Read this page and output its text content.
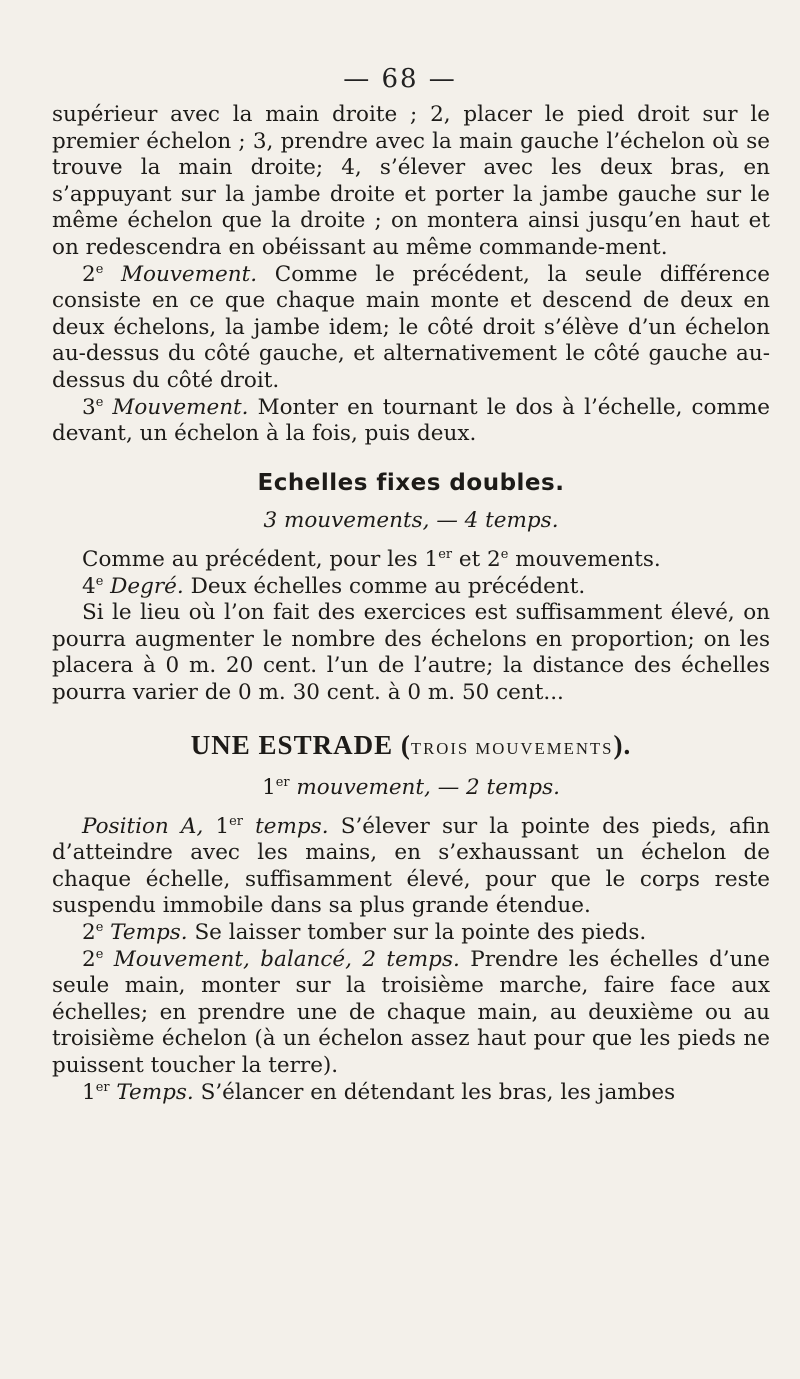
— 68 —

supérieur avec la main droite ; 2, placer le pied droit sur le premier échelon ; 3, prendre avec la main gauche l’échelon où se trouve la main droite; 4, s’élever avec les deux bras, en s’appuyant sur la jambe droite et porter la jambe gauche sur le même échelon que la droite ; on montera ainsi jusqu’en haut et on redescendra en obéissant au même commande-ment.

2e Mouvement. Comme le précédent, la seule différence consiste en ce que chaque main monte et descend de deux en deux échelons, la jambe idem; le côté droit s’élève d’un échelon au-dessus du côté gauche, et alternativement le côté gauche au-dessus du côté droit.

3e Mouvement. Monter en tournant le dos à l’échelle, comme devant, un échelon à la fois, puis deux.

Echelles fixes doubles.
3 mouvements, — 4 temps.

Comme au précédent, pour les 1er et 2e mouvements.

4e Degré. Deux échelles comme au précédent.

Si le lieu où l’on fait des exercices est suffisamment élevé, on pourra augmenter le nombre des échelons en proportion; on les placera à 0 m. 20 cent. l’un de l’autre; la distance des échelles pourra varier de 0 m. 30 cent. à 0 m. 50 cent...

UNE ESTRADE (TROIS MOUVEMENTS).
1er mouvement, — 2 temps.

Position A, 1er temps. S’élever sur la pointe des pieds, afin d’atteindre avec les mains, en s’exhaussant un échelon de chaque échelle, suffisamment élevé, pour que le corps reste suspendu immobile dans sa plus grande étendue.

2e Temps. Se laisser tomber sur la pointe des pieds.

2e Mouvement, balancé, 2 temps. Prendre les échelles d’une seule main, monter sur la troisième marche, faire face aux échelles; en prendre une de chaque main, au deuxième ou au troisième échelon (à un échelon assez haut pour que les pieds ne puissent toucher la terre).

1er Temps. S’élancer en détendant les bras, les jambes
